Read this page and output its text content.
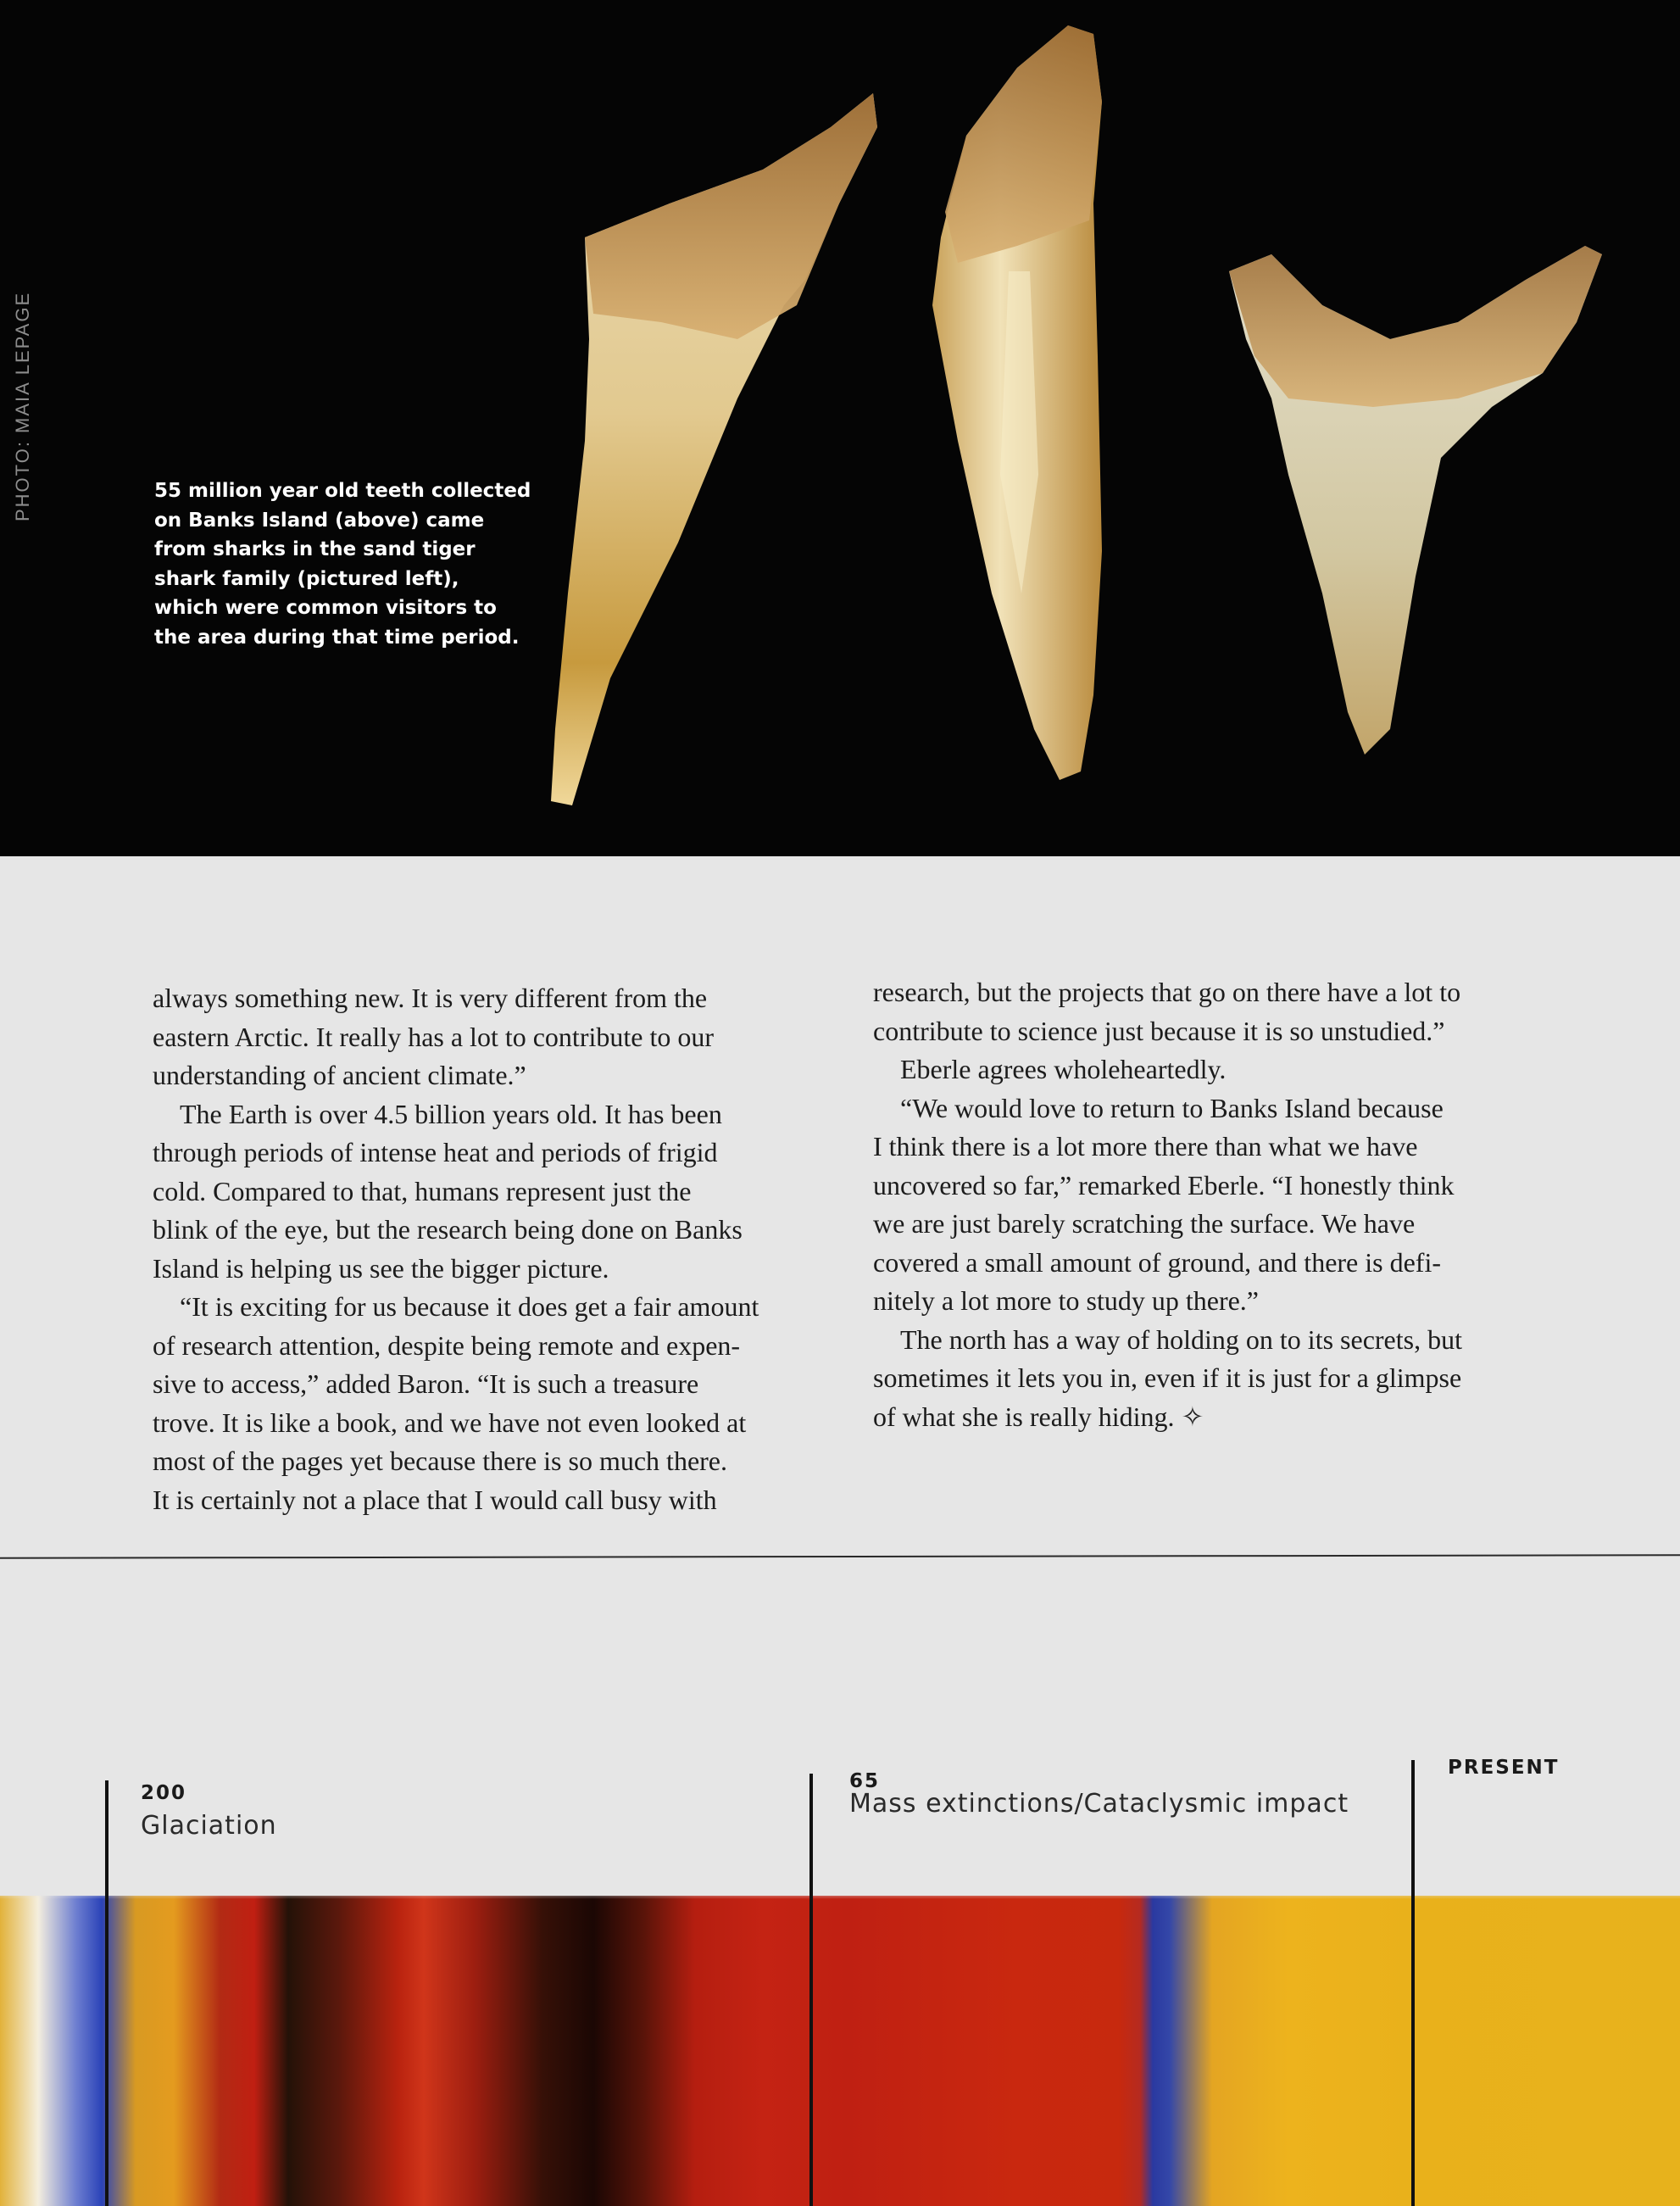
PHOTO: MAIA LEPAGE	55 million year old teeth collected
on Banks Island (above) came
from sharks in the sand tiger
shark family (pictured left),
which were common visitors to
the area during that time period.
always something new. It is very different from the
eastern Arctic. It really has a lot to contribute to our
understanding of ancient climate.”
 The Earth is over 4.5 billion years old. It has been
through periods of intense heat and periods of frigid
cold. Compared to that, humans represent just the
blink of the eye, but the research being done on Banks
Island is helping us see the bigger picture.
 “It is exciting for us because it does get a fair amount
of research attention, despite being remote and expen-
sive to access,” added Baron. “It is such a treasure
trove. It is like a book, and we have not even looked at
most of the pages yet because there is so much there.
It is certainly not a place that I would call busy with
research, but the projects that go on there have a lot to
contribute to science just because it is so unstudied.”
 Eberle agrees wholeheartedly.
 “We would love to return to Banks Island because
I think there is a lot more there than what we have
uncovered so far,” remarked Eberle. “I honestly think
we are just barely scratching the surface. We have
covered a small amount of ground, and there is defi-
nitely a lot more to study up there.”
 The north has a way of holding on to its secrets, but
sometimes it lets you in, even if it is just for a glimpse
of what she is really hiding. ✧
200
Glaciation
65
Mass extinctions/Cataclysmic impact
PRESENT
